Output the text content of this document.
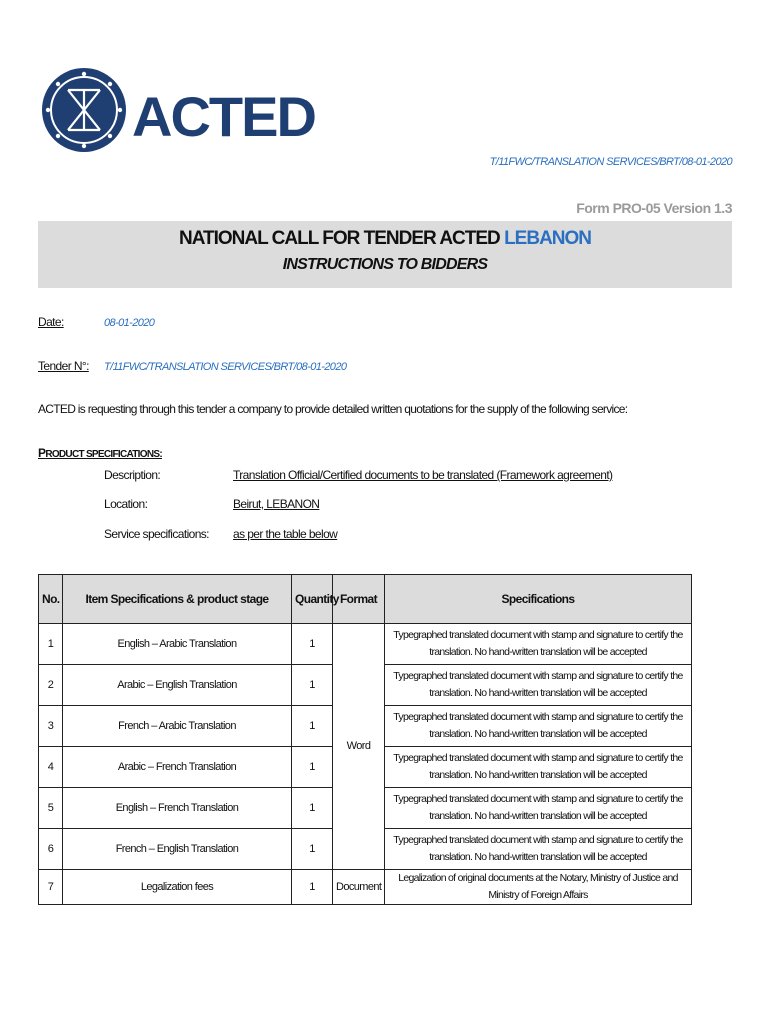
ACTED
T/11FWC/TRANSLATION SERVICES/BRT/08-01-2020
Form PRO-05 Version 1.3
NATIONAL CALL FOR TENDER ACTED LEBANON
INSTRUCTIONS TO BIDDERS
Date:	08-01-2020
Tender N°: T/11FWC/TRANSLATION SERVICES/BRT/08-01-2020
ACTED is requesting through this tender a company to provide detailed written quotations for the supply of the following service:
PRODUCT SPECIFICATIONS:
Description:	Translation Official/Certified documents to be translated (Framework agreement)
Location:	Beirut, LEBANON
Service specifications: as per the table below
No.	Item Specifications & product stage	Quantity	Format	Specifications
1	English – Arabic Translation	1	Word	Typegraphed translated document with stamp and signature to certify the translation. No hand-written translation will be accepted
2	Arabic – English Translation	1		Typegraphed translated document with stamp and signature to certify the translation. No hand-written translation will be accepted
3	French – Arabic Translation	1		Typegraphed translated document with stamp and signature to certify the translation. No hand-written translation will be accepted
4	Arabic – French Translation	1		Typegraphed translated document with stamp and signature to certify the translation. No hand-written translation will be accepted
5	English – French Translation	1		Typegraphed translated document with stamp and signature to certify the translation. No hand-written translation will be accepted
6	French – English Translation	1		Typegraphed translated document with stamp and signature to certify the translation. No hand-written translation will be accepted
7	Legalization fees	1	Document	Legalization of original documents at the Notary, Ministry of Justice and Ministry of Foreign Affairs
